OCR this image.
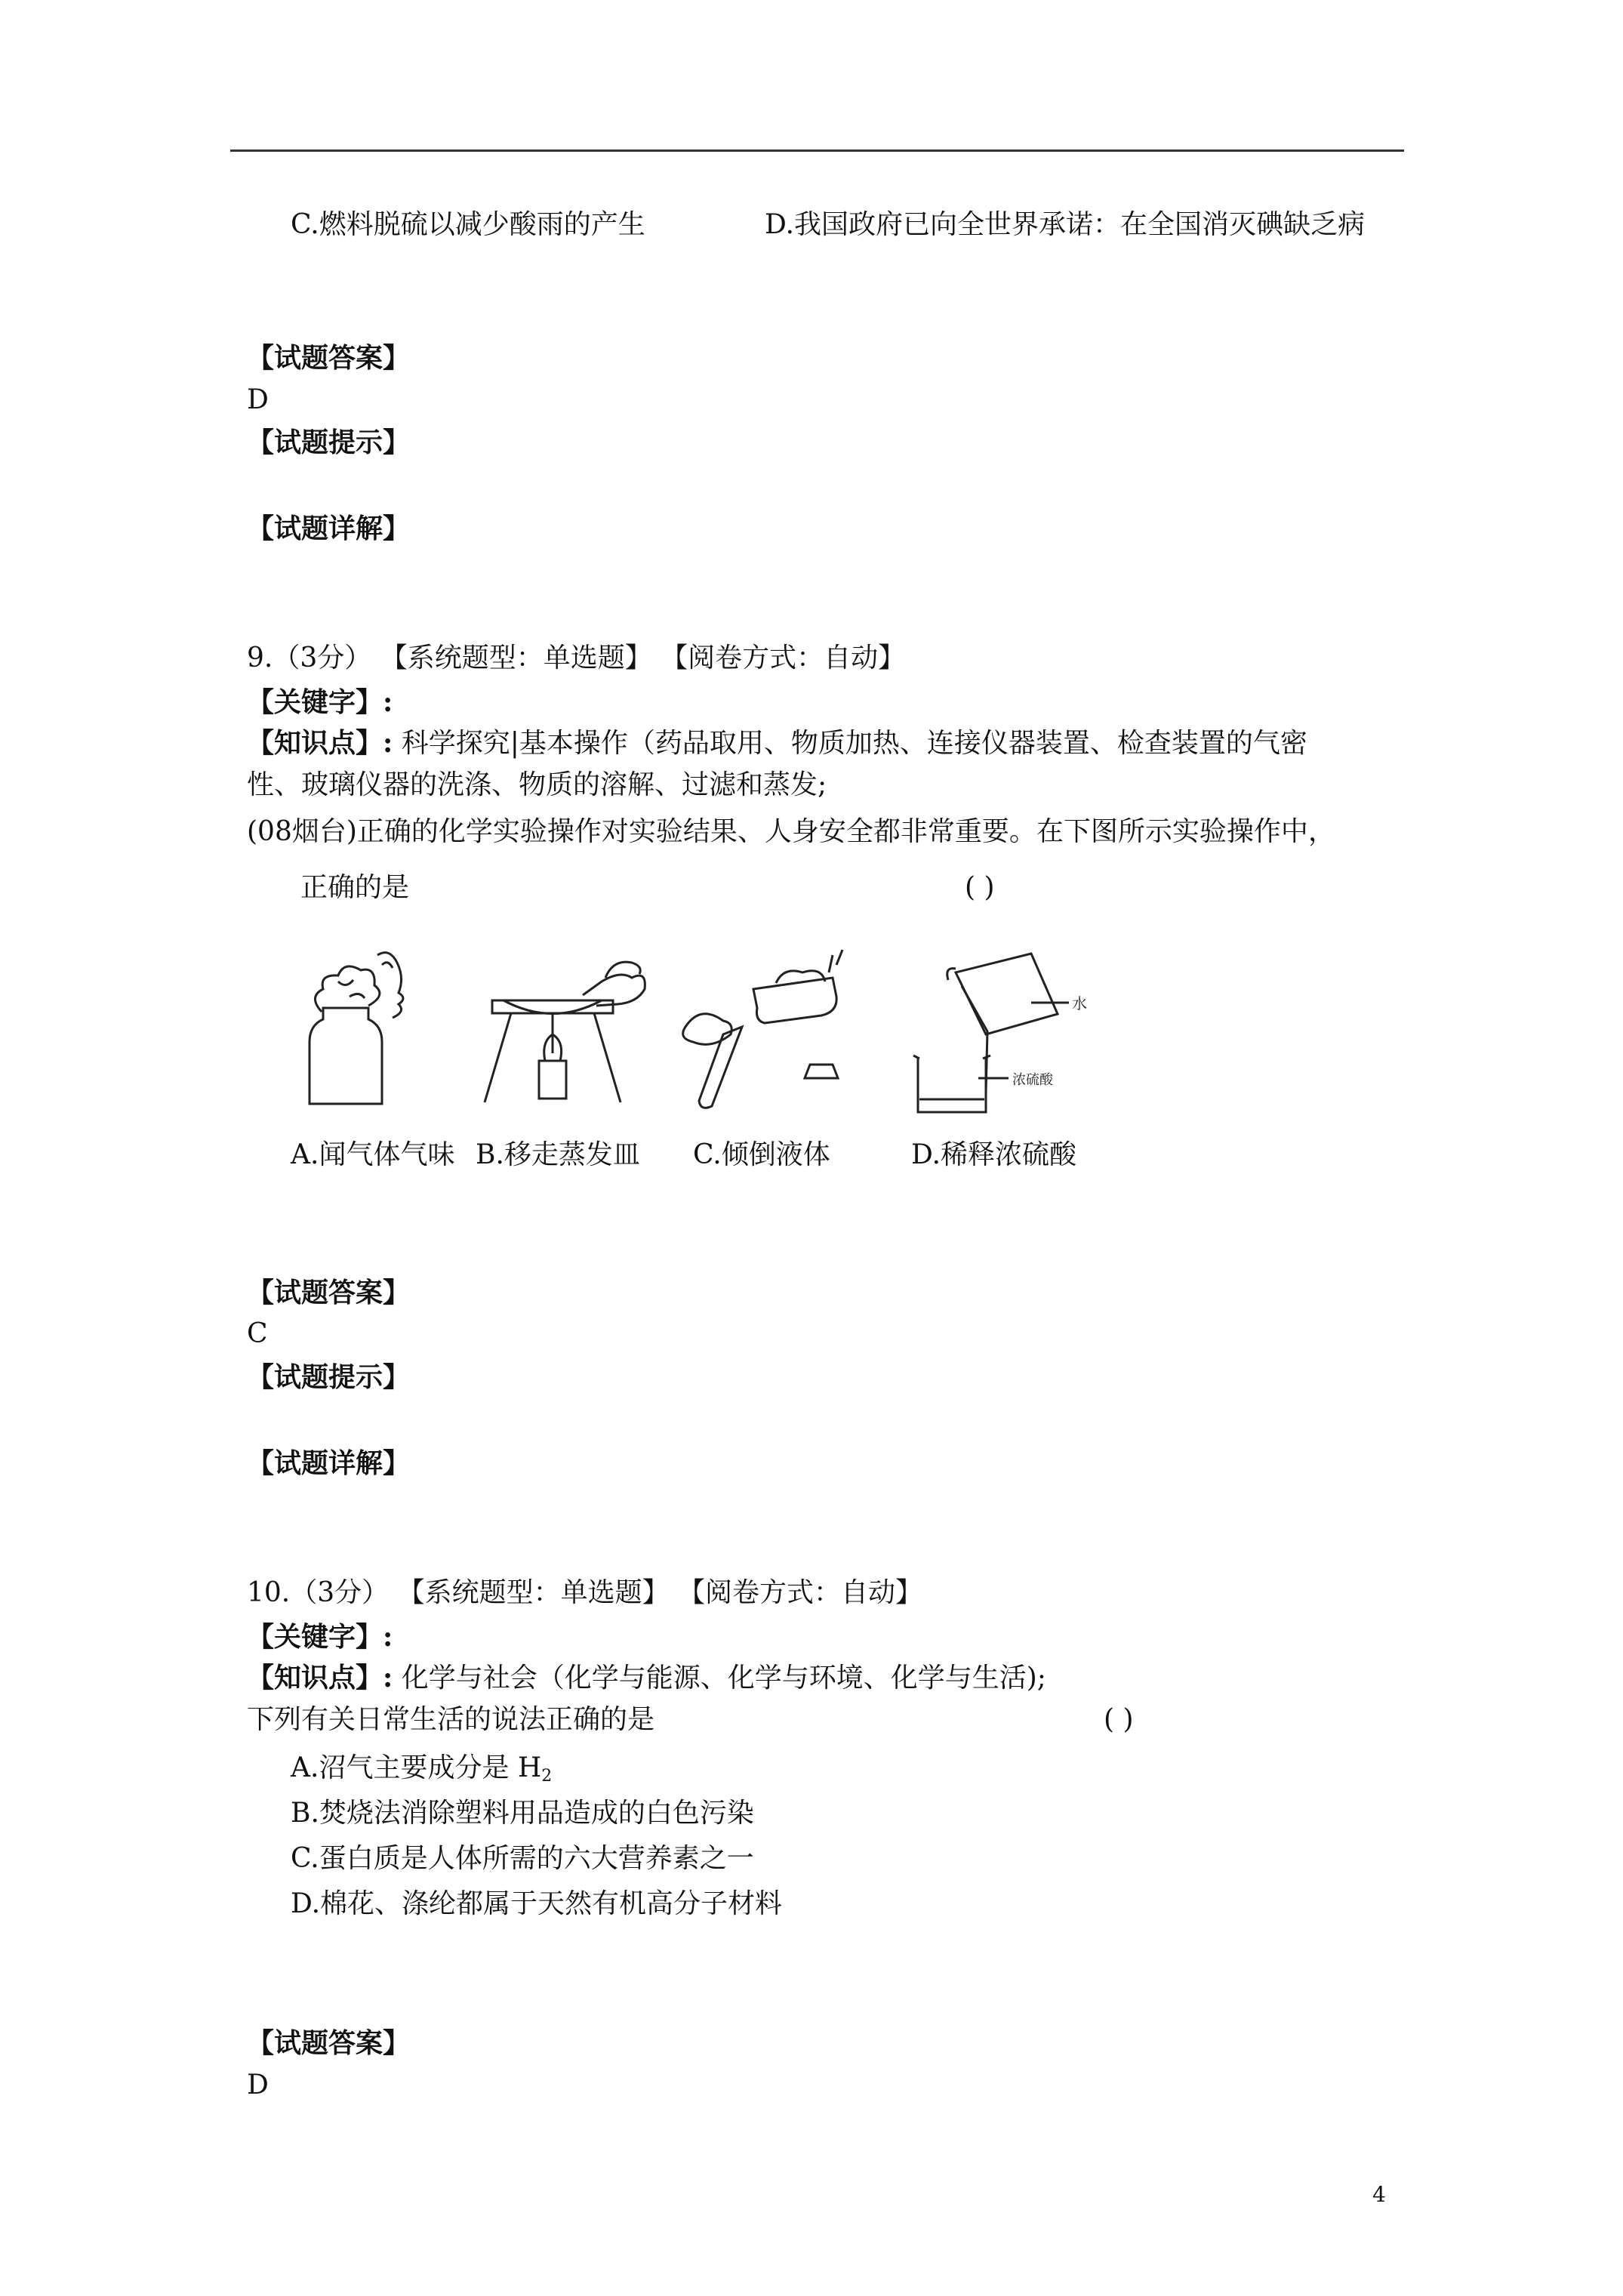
C.燃料脱硫以减少酸雨的产生	D.我国政府已向全世界承诺：在全国消灭碘缺乏病
【试题答案】
D
【试题提示】
【试题详解】
9.（3分） 【系统题型：单选题】 【阅卷方式：自动】
【关键字】:
【知识点】: 科学探究|基本操作（药品取用、物质加热、连接仪器装置、检查装置的气密
性、玻璃仪器的洗涤、物质的溶解、过滤和蒸发;
(08烟台)正确的化学实验操作对实验结果、人身安全都非常重要。在下图所示实验操作中，
正确的是	( )
水
浓硫酸
A.闻气体气味 B.移走蒸发皿 C.倾倒液体	D.稀释浓硫酸
【试题答案】
C
【试题提示】
【试题详解】
10.（3分） 【系统题型：单选题】 【阅卷方式：自动】
【关键字】:
【知识点】: 化学与社会（化学与能源、化学与环境、化学与生活);
下列有关日常生活的说法正确的是	( )
A.沼气主要成分是 $H_2$
B.焚烧法消除塑料用品造成的白色污染
C.蛋白质是人体所需的六大营养素之一
D.棉花、涤纶都属于天然有机高分子材料
【试题答案】
D
4
